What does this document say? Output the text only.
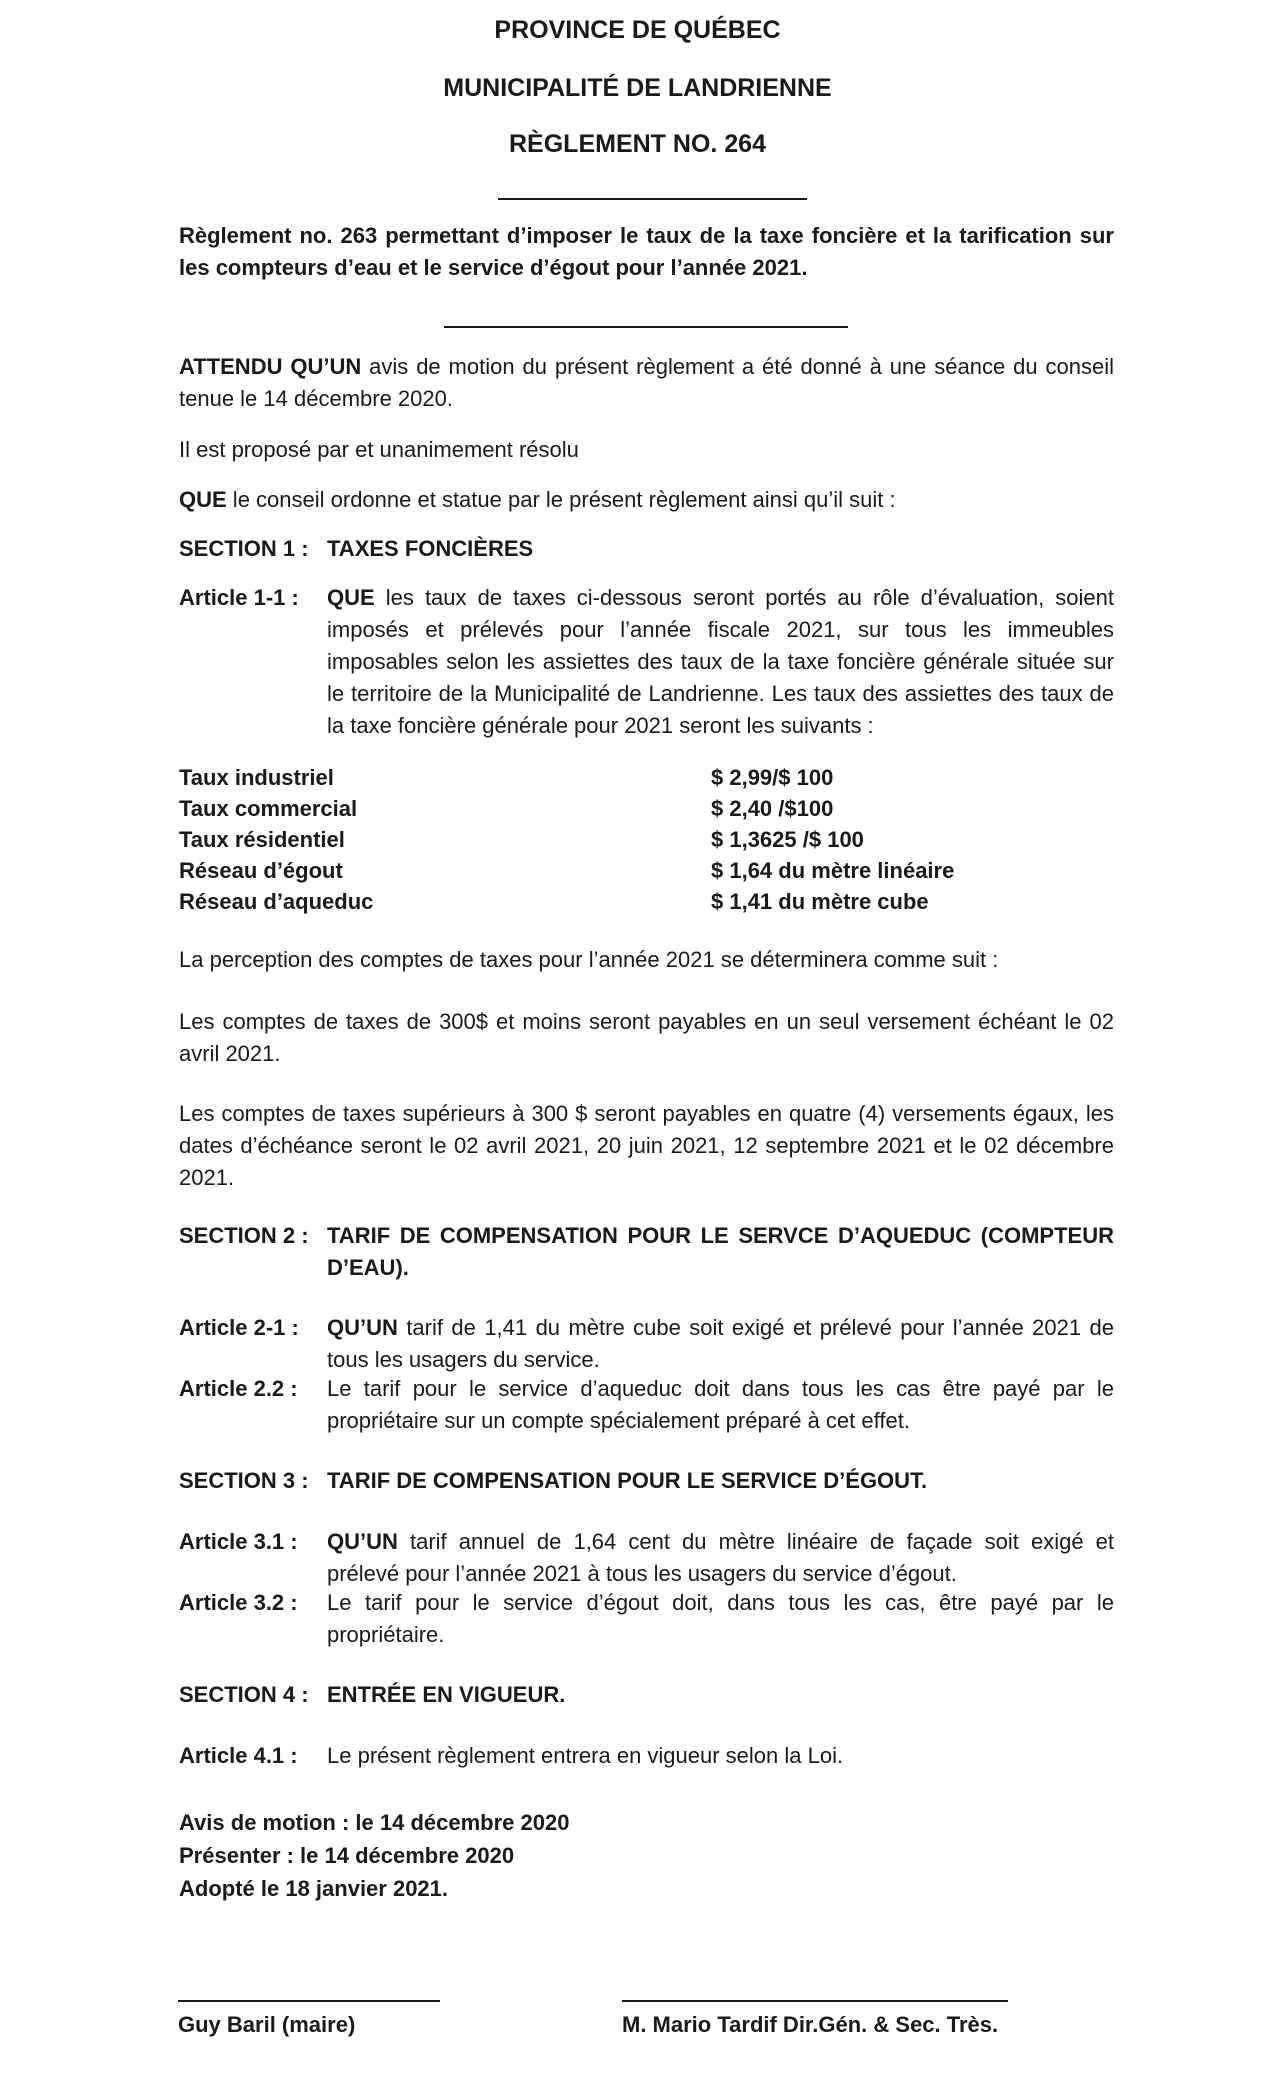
PROVINCE DE QUÉBEC
MUNICIPALITÉ DE LANDRIENNE
RÈGLEMENT NO. 264
Règlement no. 263 permettant d’imposer le taux de la taxe foncière et la tarification sur les compteurs d’eau et le service d’égout pour l’année 2021.
ATTENDU QU’UN avis de motion du présent règlement a été donné à une séance du conseil tenue le 14 décembre 2020.
Il est proposé par et unanimement résolu
QUE le conseil ordonne et statue par le présent règlement ainsi qu’il suit :
SECTION 1 : TAXES FONCIÈRES
Article 1-1 : QUE les taux de taxes ci-dessous seront portés au rôle d’évaluation, soient imposés et prélevés pour l’année fiscale 2021, sur tous les immeubles imposables selon les assiettes des taux de la taxe foncière générale située sur le territoire de la Municipalité de Landrienne. Les taux des assiettes des taux de la taxe foncière générale pour 2021 seront les suivants :
Taux industriel	$ 2,99/$ 100
Taux commercial	$ 2,40 /$100
Taux résidentiel	$ 1,3625 /$ 100
Réseau d’égout	$ 1,64 du mètre linéaire
Réseau d’aqueduc	$ 1,41 du mètre cube
La perception des comptes de taxes pour l’année 2021 se déterminera comme suit :
Les comptes de taxes de 300$ et moins seront payables en un seul versement échéant le 02 avril 2021.
Les comptes de taxes supérieurs à 300 $ seront payables en quatre (4) versements égaux, les dates d’échéance seront le 02 avril 2021, 20 juin 2021, 12 septembre 2021 et le 02 décembre 2021.
SECTION 2 : TARIF DE COMPENSATION POUR LE SERVCE D’AQUEDUC (COMPTEUR D’EAU).
Article 2-1 : QU’UN tarif de 1,41 du mètre cube soit exigé et prélevé pour l’année 2021 de tous les usagers du service.
Article 2.2 : Le tarif pour le service d’aqueduc doit dans tous les cas être payé par le propriétaire sur un compte spécialement préparé à cet effet.
SECTION 3 : TARIF DE COMPENSATION POUR LE SERVICE D’ÉGOUT.
Article 3.1 : QU’UN tarif annuel de 1,64 cent du mètre linéaire de façade soit exigé et prélevé pour l’année 2021 à tous les usagers du service d’égout.
Article 3.2 : Le tarif pour le service d’égout doit, dans tous les cas, être payé par le propriétaire.
SECTION 4 : ENTRÉE EN VIGUEUR.
Article 4.1 : Le présent règlement entrera en vigueur selon la Loi.
Avis de motion : le 14 décembre 2020
Présenter : le 14 décembre 2020
Adopté le 18 janvier 2021.
Guy Baril (maire)	M. Mario Tardif Dir.Gén. & Sec. Très.
